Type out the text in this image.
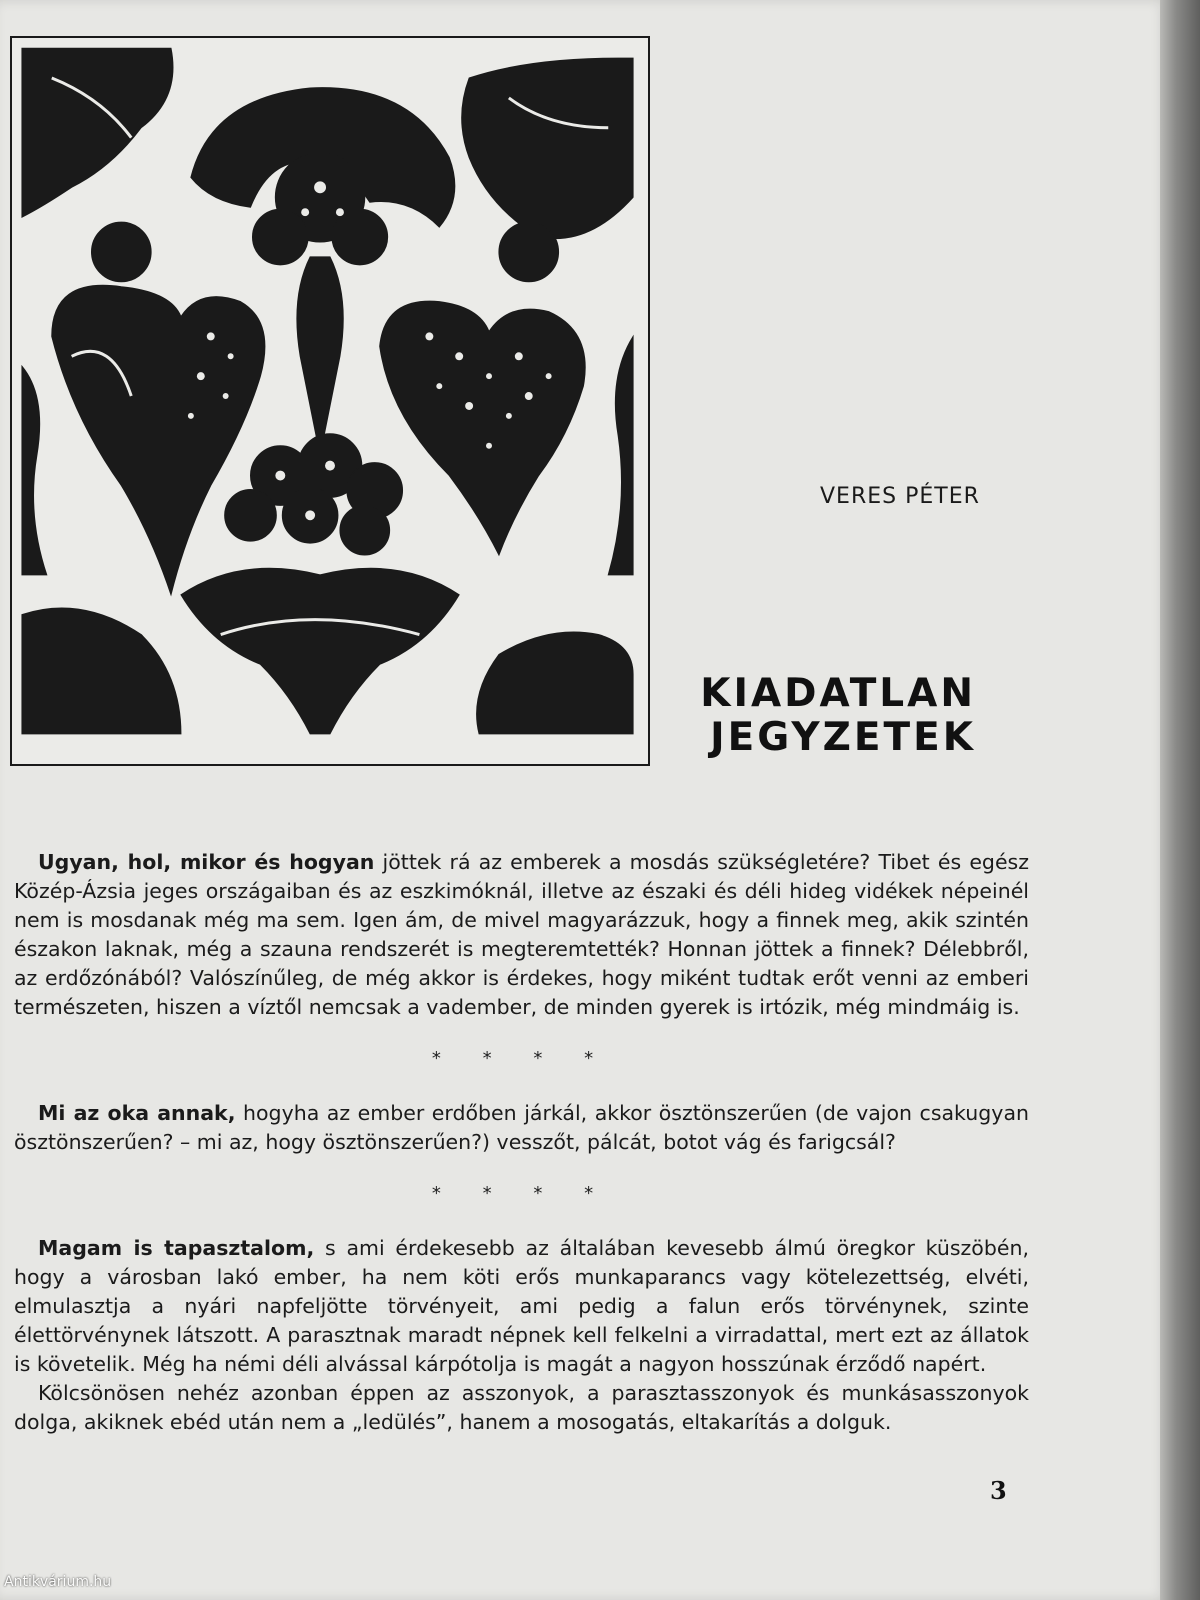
VERES PÉTER
KIADATLAN
JEGYZETEK

Ugyan, hol, mikor és hogyan jöttek rá az emberek a mosdás szükségletére? Tibet és egész Közép-Ázsia jeges országaiban és az eszkimóknál, illetve az északi és déli hideg vidékek népeinél nem is mosdanak még ma sem. Igen ám, de mivel magyarázzuk, hogy a finnek meg, akik szintén északon laknak, még a szauna rendszerét is megteremtették? Honnan jöttek a finnek? Délebbről, az erdőzónából? Valószínűleg, de még akkor is érdekes, hogy miként tudtak erőt venni az emberi természeten, hiszen a víztől nemcsak a vadember, de minden gyerek is irtózik, még mindmáig is.

* * * *

Mi az oka annak, hogyha az ember erdőben járkál, akkor ösztönszerűen (de vajon csakugyan ösztönszerűen? – mi az, hogy ösztönszerűen?) vesszőt, pálcát, botot vág és farigcsál?

* * * *

Magam is tapasztalom, s ami érdekesebb az általában kevesebb álmú öregkor küszöbén, hogy a városban lakó ember, ha nem köti erős munkaparancs vagy kötelezettség, elvéti, elmulasztja a nyári napfeljötte törvényeit, ami pedig a falun erős törvénynek, szinte élettörvénynek látszott. A parasztnak maradt népnek kell felkelni a virradattal, mert ezt az állatok is követelik. Még ha némi déli alvással kárpótolja is magát a nagyon hosszúnak érződő napért.

Kölcsönösen nehéz azonban éppen az asszonyok, a parasztasszonyok és munkásasszonyok dolga, akiknek ebéd után nem a „ledülés”, hanem a mosogatás, eltakarítás a dolguk.

3
Antikvárium.hu
